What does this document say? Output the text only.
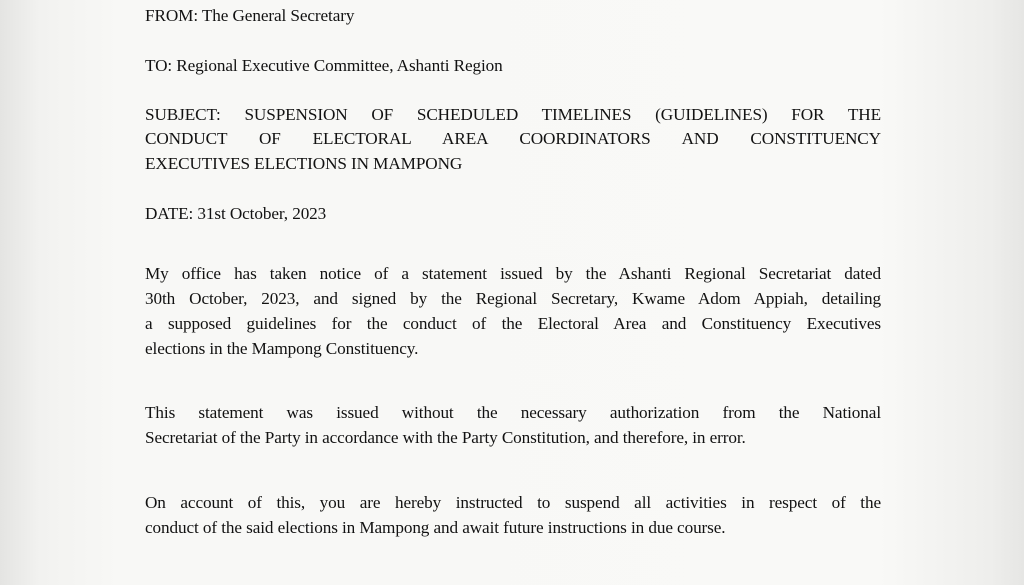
FROM: The General Secretary
TO: Regional Executive Committee, Ashanti Region
SUBJECT: SUSPENSION OF SCHEDULED TIMELINES (GUIDELINES) FOR THE
CONDUCT OF ELECTORAL AREA COORDINATORS AND CONSTITUENCY
EXECUTIVES ELECTIONS IN MAMPONG
DATE: 31st October, 2023
My office has taken notice of a statement issued by the Ashanti Regional Secretariat dated
30th October, 2023, and signed by the Regional Secretary, Kwame Adom Appiah, detailing
a supposed guidelines for the conduct of the Electoral Area and Constituency Executives
elections in the Mampong Constituency.
This statement was issued without the necessary authorization from the National
Secretariat of the Party in accordance with the Party Constitution, and therefore, in error.
On account of this, you are hereby instructed to suspend all activities in respect of the
conduct of the said elections in Mampong and await future instructions in due course.
